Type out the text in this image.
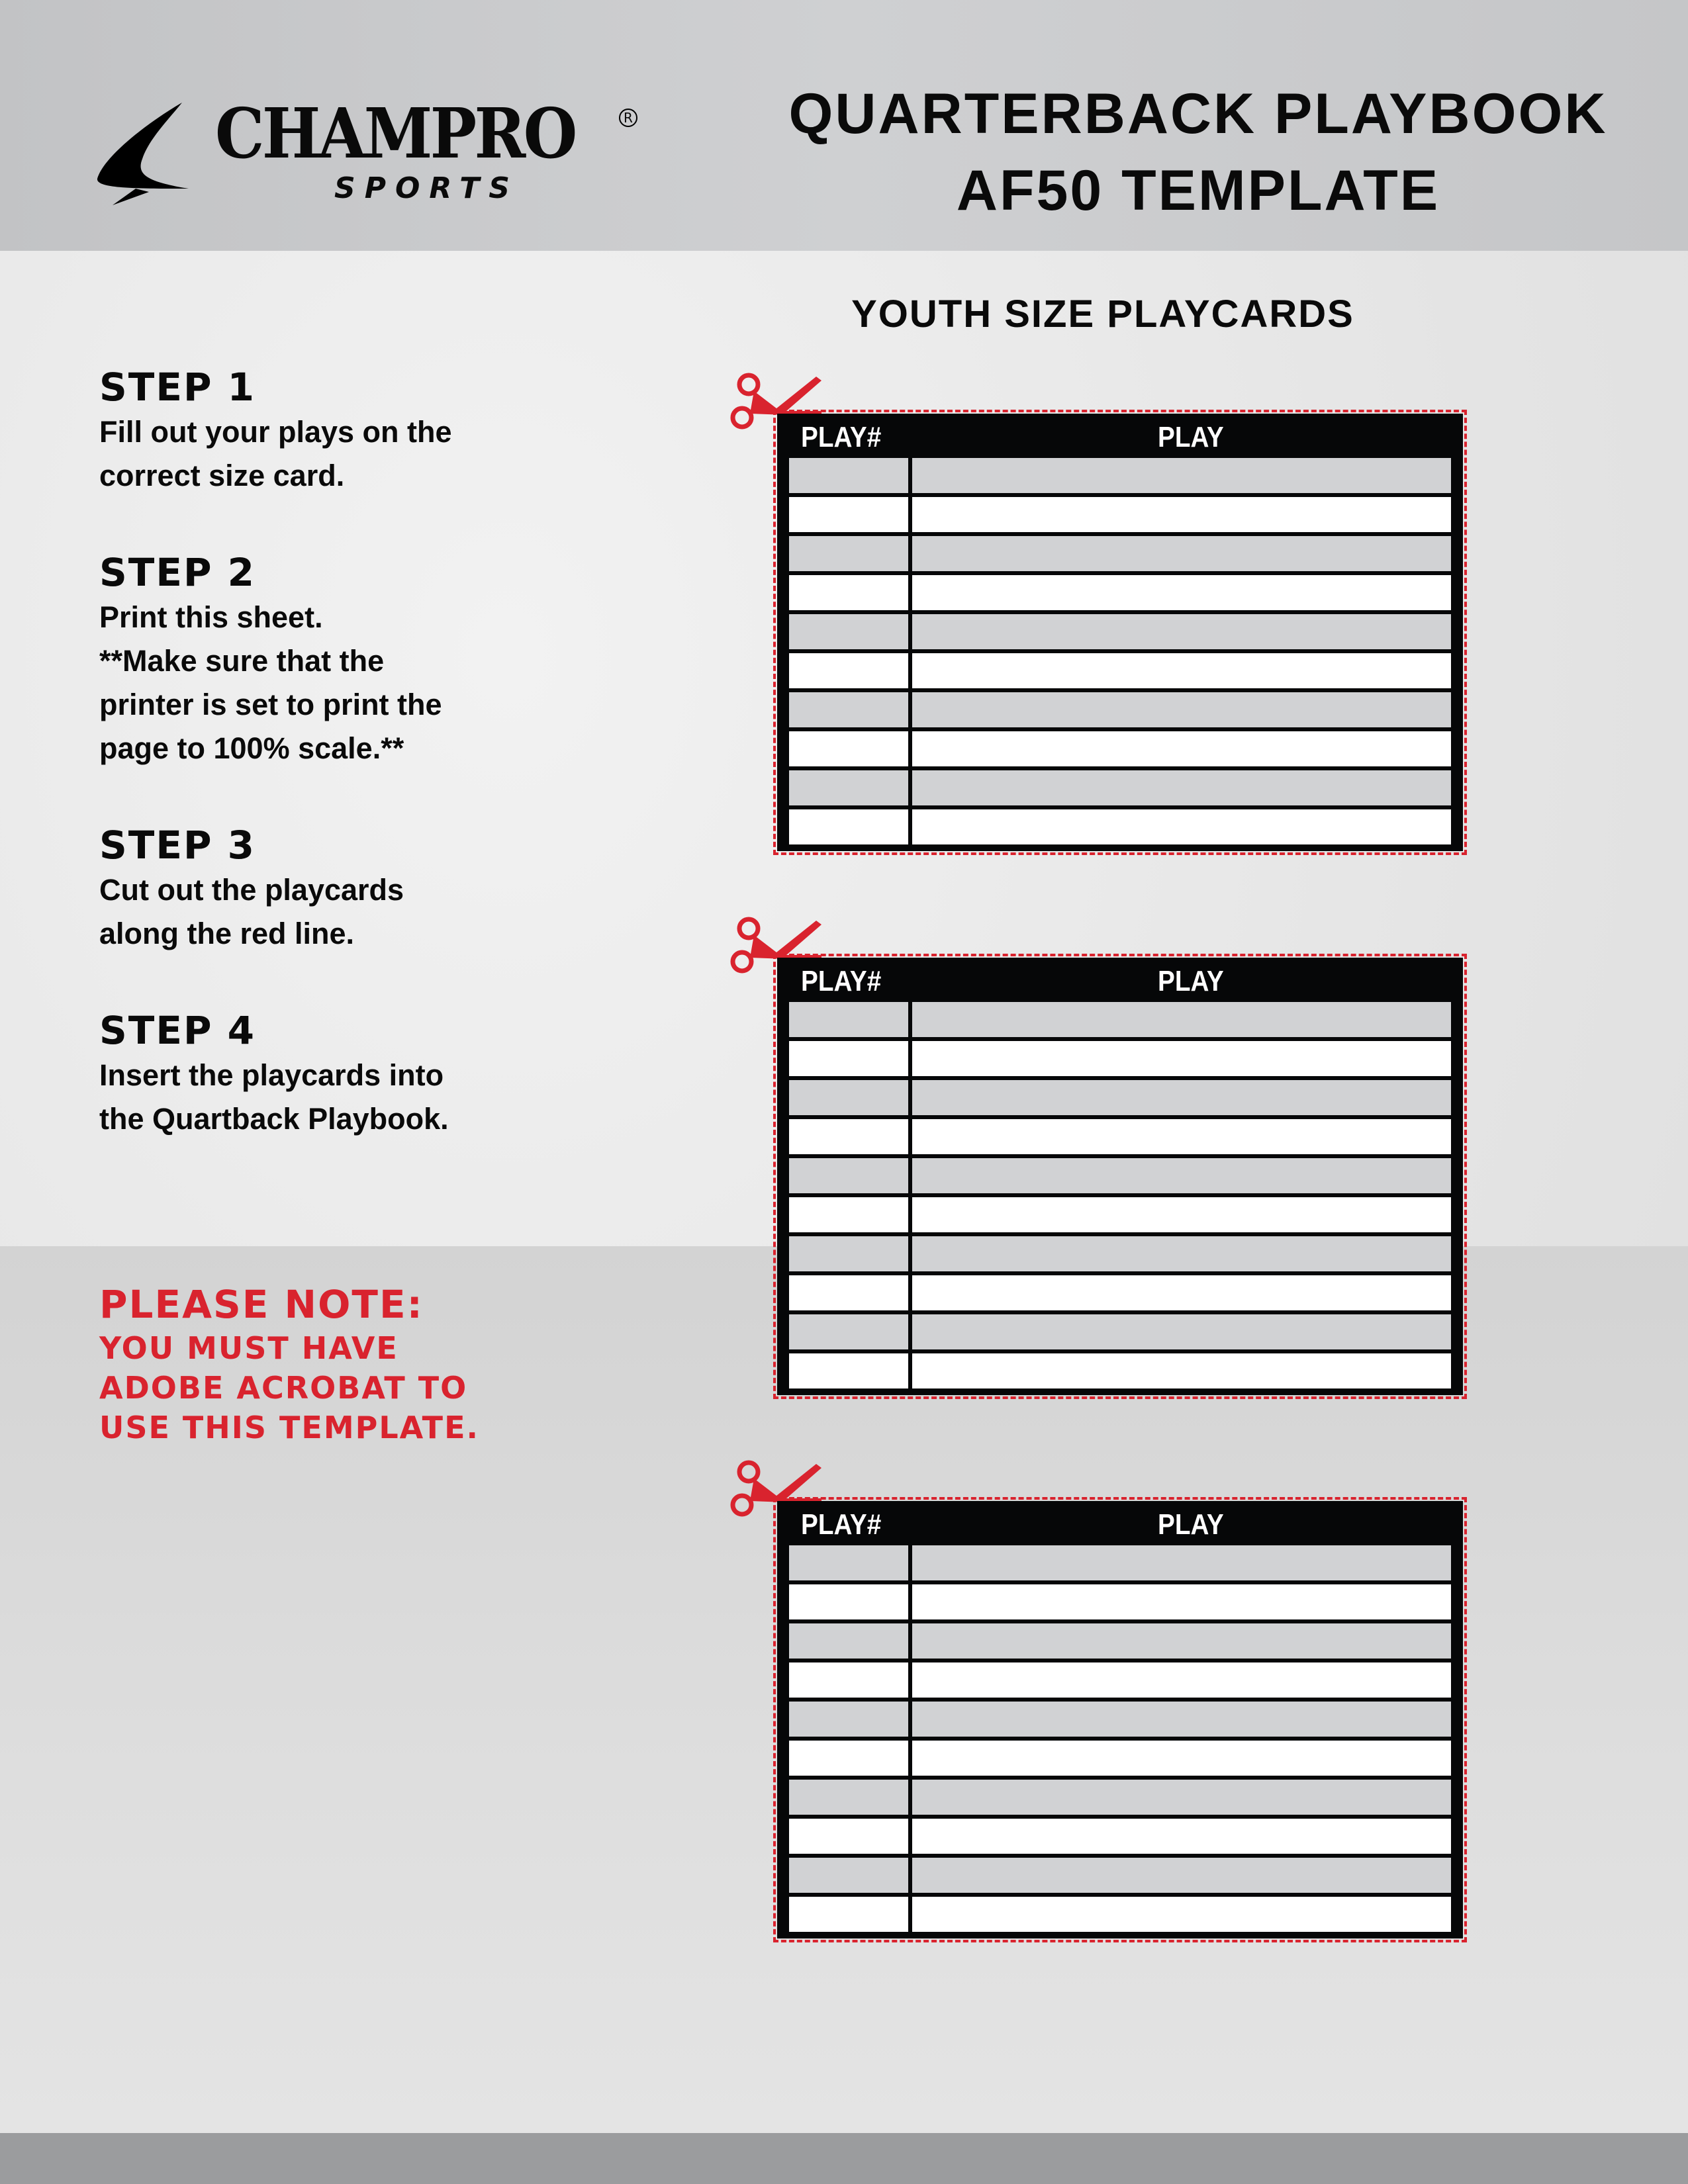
CHAMPRO	R
SPORTS
QUARTERBACK PLAYBOOK
AF50 TEMPLATE
YOUTH SIZE PLAYCARDS
STEP 1

Fill out your plays on the

correct size card.

STEP 2

Print this sheet.

**Make sure that the

printer is set to print the

page to 100% scale.**

STEP 3

Cut out the playcards

along the red line.

STEP 4

Insert the playcards into

the Quartback Playbook.

PLEASE NOTE:

YOU MUST HAVE

ADOBE ACROBAT TO

USE THIS TEMPLATE.

PLAY#	PLAY
PLAY#	PLAY
PLAY#	PLAY
